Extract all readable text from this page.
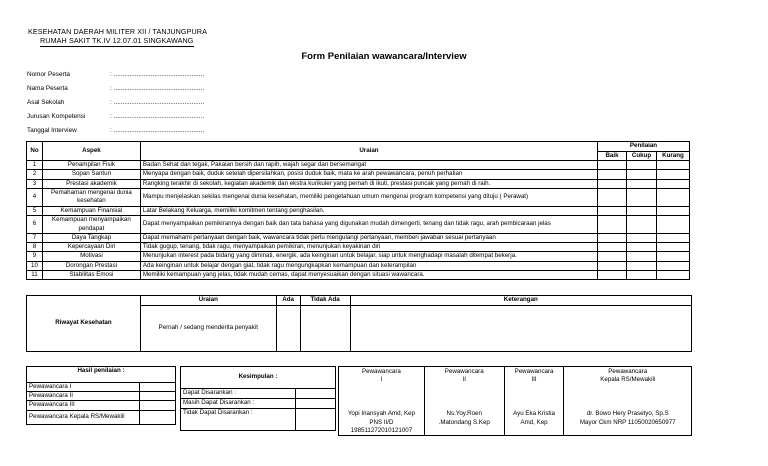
KESEHATAN DAERAH MILITER XII / TANJUNGPURA
RUMAH SAKIT TK.IV 12.07.01 SINGKAWANG
Form Penilaian wawancara/Interview
Nomor Peserta	: ...................................................
Nama Peserta	: ...................................................
Asal Sekolah	: ...................................................
Jurusan Kompetensi	: ...................................................
Tanggal Interview	: ...................................................
No	Aspek	Uraian	Penilaian		
			Baik	Cukup	Kurang
1	Penampilan Fisik	Badan Sehat dan tegak, Pakaian bersih dan rapih, wajah segar dan bersemangat			
2	Sopan Santun	Menyapa dengan baik, duduk setelah dipersilahkan, posisi duduk baik, mata ke arah pewawancara, penuh perhatian			
3	Prestasi akademik	Rangking terakhir di sekolah, kegiatan akademik dan ekstra kurikuler yang pernah di ikuti, prestasi puncak yang pernah di raih.			
4	Pemahaman mengenai dunia kesehatan	Mampu menjelaskan sekilas mengenai dunia kesehatan, memiliki pengetahuan umum mengenai program kompetensi yang dituju ( Perawat)			
5	Kemampuan Finansial	Latar Belakang Keluarga, memiliki komitmen tentang penghasilan.			
6	Kemampuan menyampaikan pendapat	Dapat menyampaikan pemikirannya dengan baik dan tata bahasa yang digunakan mudah dimengerti, tenang dan tidak ragu, arah pembicaraan jelas			
7	Daya Tangkap	Dapat memahami pertanyaan dengan baik, wawancara tidak perlu mengulangi pertanyaan, memberi jawaban sesuai pertanyaan			
8	Kepercayaan Diri	Tidak gugup, tenang, tidak ragu, menyampaikan pemikiran, menunjukan keyakinan diri			
9	Motivasi	Menunjukan interest pada bidang yang diminati, energik, ada keinginan untuk belajar, siap untuk menghadapi masalah ditempat bekerja.			
10	Dorongan Prestasi	Ada keinginan untuk belajar dengan giat, tidak ragu mengungkapkan kemampuan dan keterampilan			
11	Stabilitas Emosi	Memiliki kemampuan yang jelas, tidak mudah cemas, dapat menyesuaikan dengan situasi wawancara.			
Riwayat Kesehatan	Uraian	Ada	Tidak Ada	Keterangan
	Pernah / sedang menderita penyakit			
Hasil penilaian :	
Pewawancara I	
Pewawancara II	
Pewawancara III	
Pewawancara Kepala RS/Mewakili	
Kesimpulan :	
Dapat Disarankan :	
Masih Dapat Disarankan :	
Tidak Dapat Disarankan :	
Pewawancara
I
Yopi Iriansyah Amd, Kep
PNS II/D 198511272010121007

Pewawancara
II
Ns.Yoy.Roen
.Matondang S.Kep

Pewawancara
III
Ayu Eka Kristia
Amd, Kep

Pewawancara
Kepala RS/Mewakili
dr. Bowo Hery Prasetyo, Sp.S
Mayor Ckm NRP 11050020650977
